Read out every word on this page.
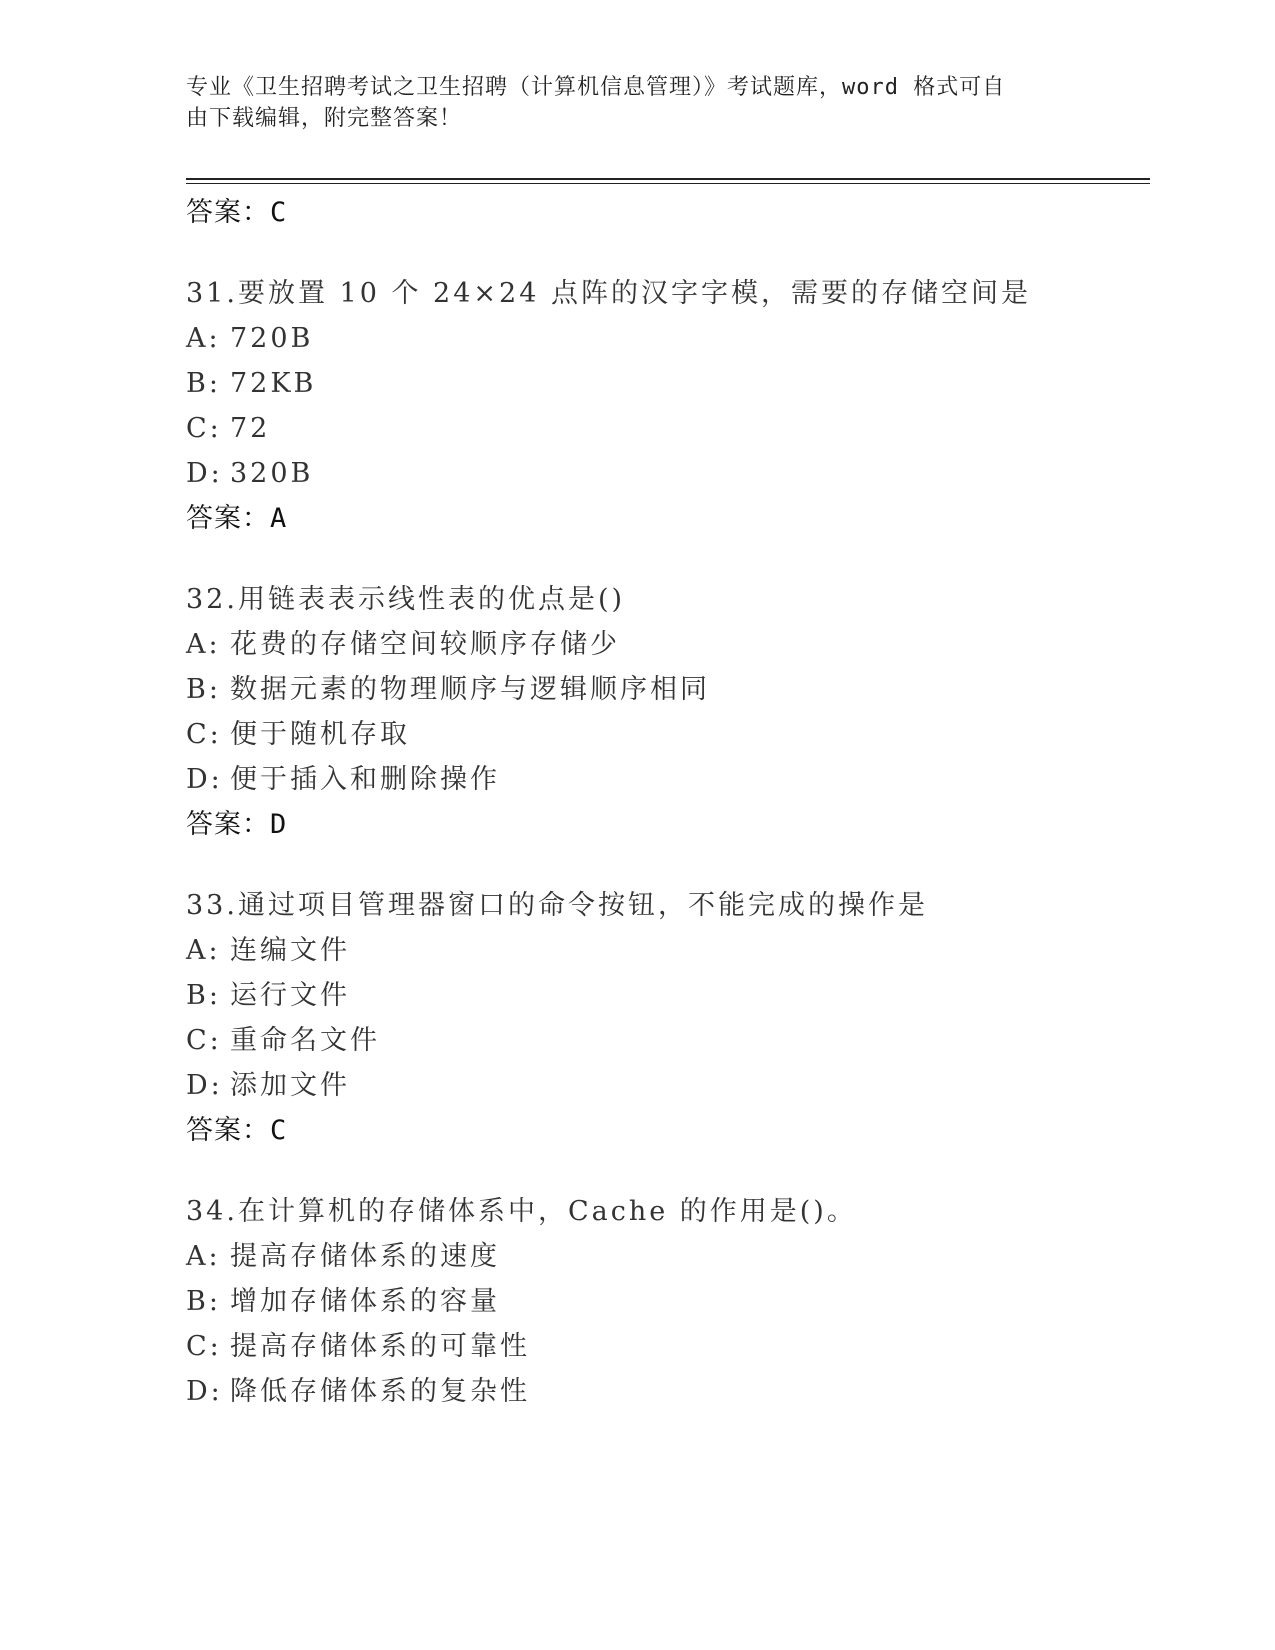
专业《卫生招聘考试之卫生招聘（计算机信息管理）》考试题库，word 格式可自
由下载编辑，附完整答案！
答案：C
31.要放置 10 个 24×24 点阵的汉字字模，需要的存储空间是
A: 720B
B: 72KB
C: 72
D: 320B
答案：A
32.用链表表示线性表的优点是()
A: 花费的存储空间较顺序存储少
B: 数据元素的物理顺序与逻辑顺序相同
C: 便于随机存取
D: 便于插入和删除操作
答案：D
33.通过项目管理器窗口的命令按钮，不能完成的操作是
A: 连编文件
B: 运行文件
C: 重命名文件
D: 添加文件
答案：C
34.在计算机的存储体系中，Cache 的作用是()。
A: 提高存储体系的速度
B: 增加存储体系的容量
C: 提高存储体系的可靠性
D: 降低存储体系的复杂性
